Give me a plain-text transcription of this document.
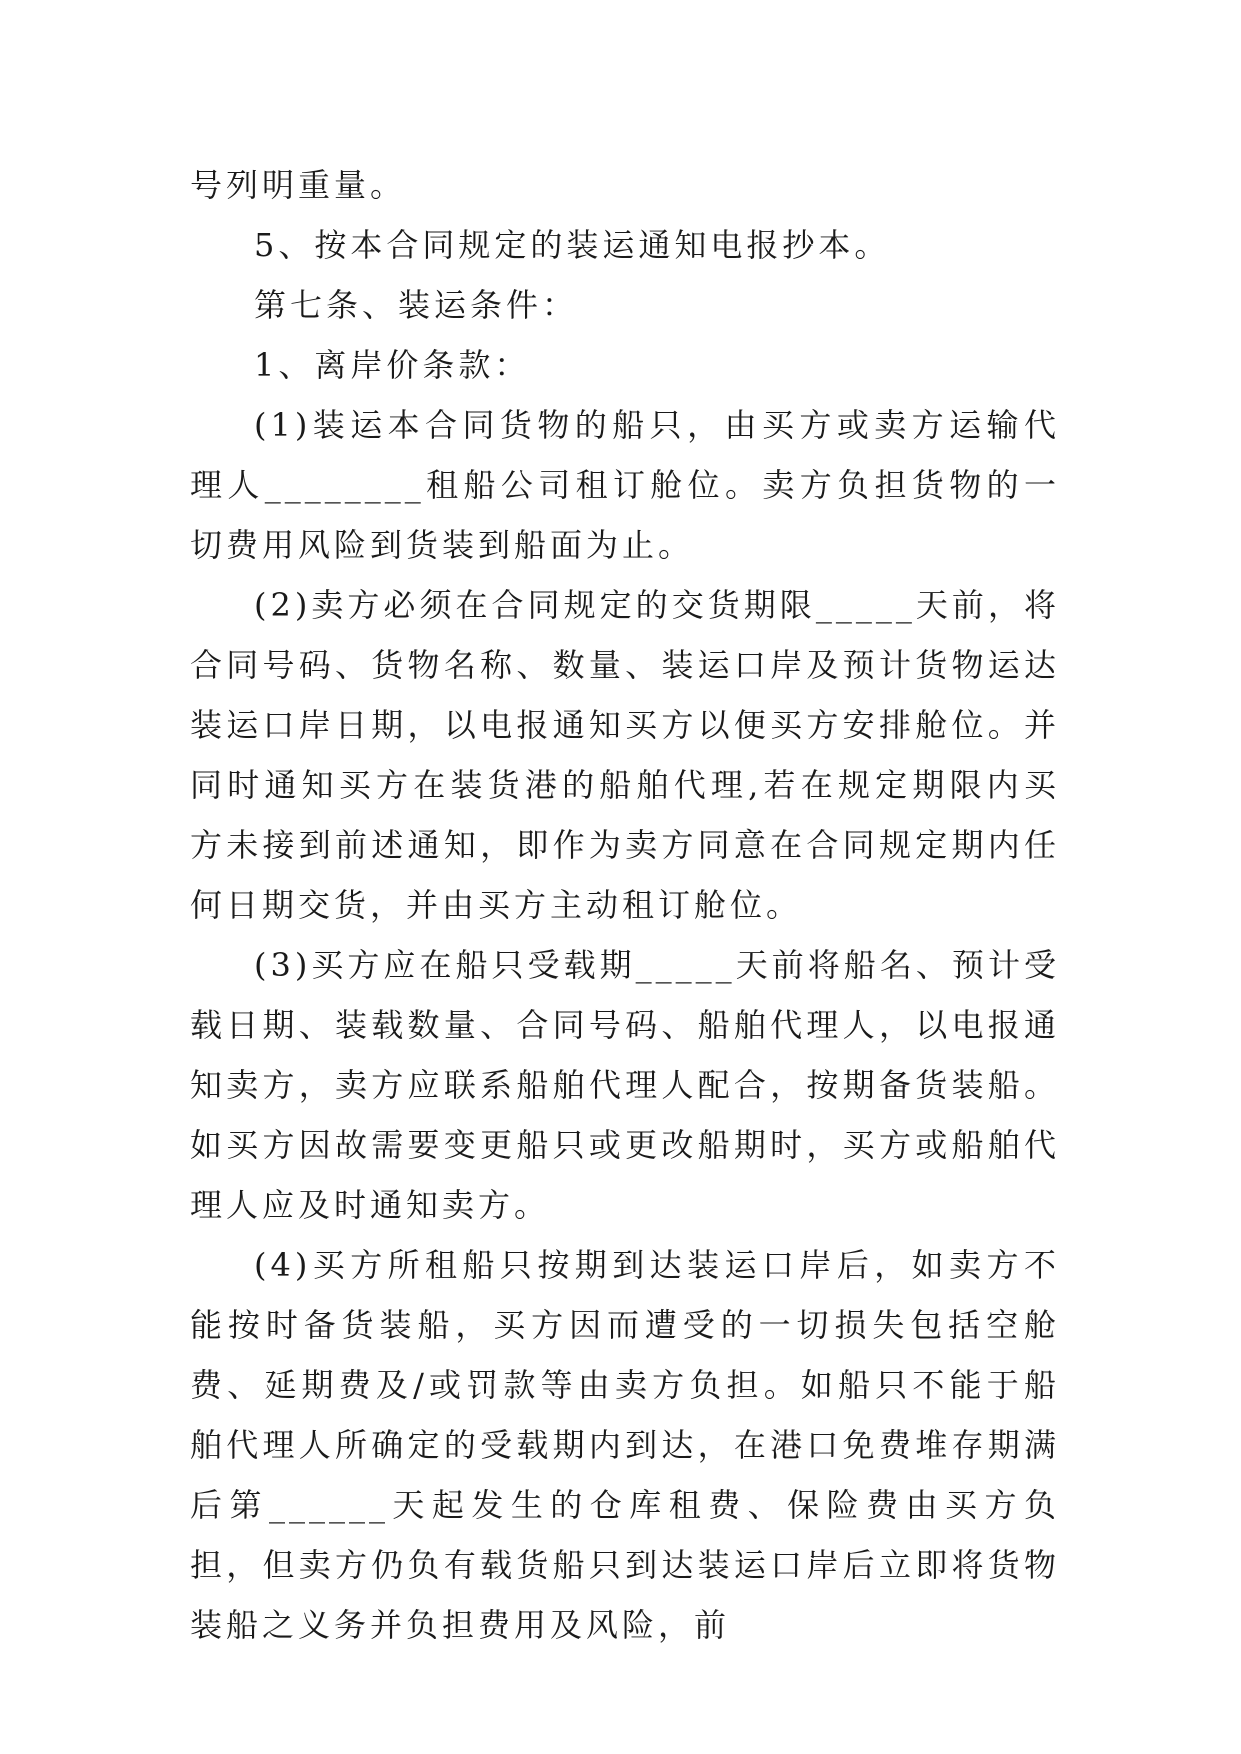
号列明重量。

5、按本合同规定的装运通知电报抄本。

第七条、装运条件：

1、离岸价条款：

(1)装运本合同货物的船只，由买方或卖方运输代理人________租船公司租订舱位。卖方负担货物的一切费用风险到货装到船面为止。

(2)卖方必须在合同规定的交货期限_____天前，将合同号码、货物名称、数量、装运口岸及预计货物运达装运口岸日期，以电报通知买方以便买方安排舱位。并同时通知买方在装货港的船舶代理,若在规定期限内买方未接到前述通知，即作为卖方同意在合同规定期内任何日期交货，并由买方主动租订舱位。

(3)买方应在船只受载期_____天前将船名、预计受载日期、装载数量、合同号码、船舶代理人，以电报通知卖方，卖方应联系船舶代理人配合，按期备货装船。如买方因故需要变更船只或更改船期时，买方或船舶代理人应及时通知卖方。

(4)买方所租船只按期到达装运口岸后，如卖方不能按时备货装船，买方因而遭受的一切损失包括空舱费、延期费及/或罚款等由卖方负担。如船只不能于船舶代理人所确定的受载期内到达，在港口免费堆存期满后第______天起发生的仓库租费、保险费由买方负担，但卖方仍负有载货船只到达装运口岸后立即将货物装船之义务并负担费用及风险，前
